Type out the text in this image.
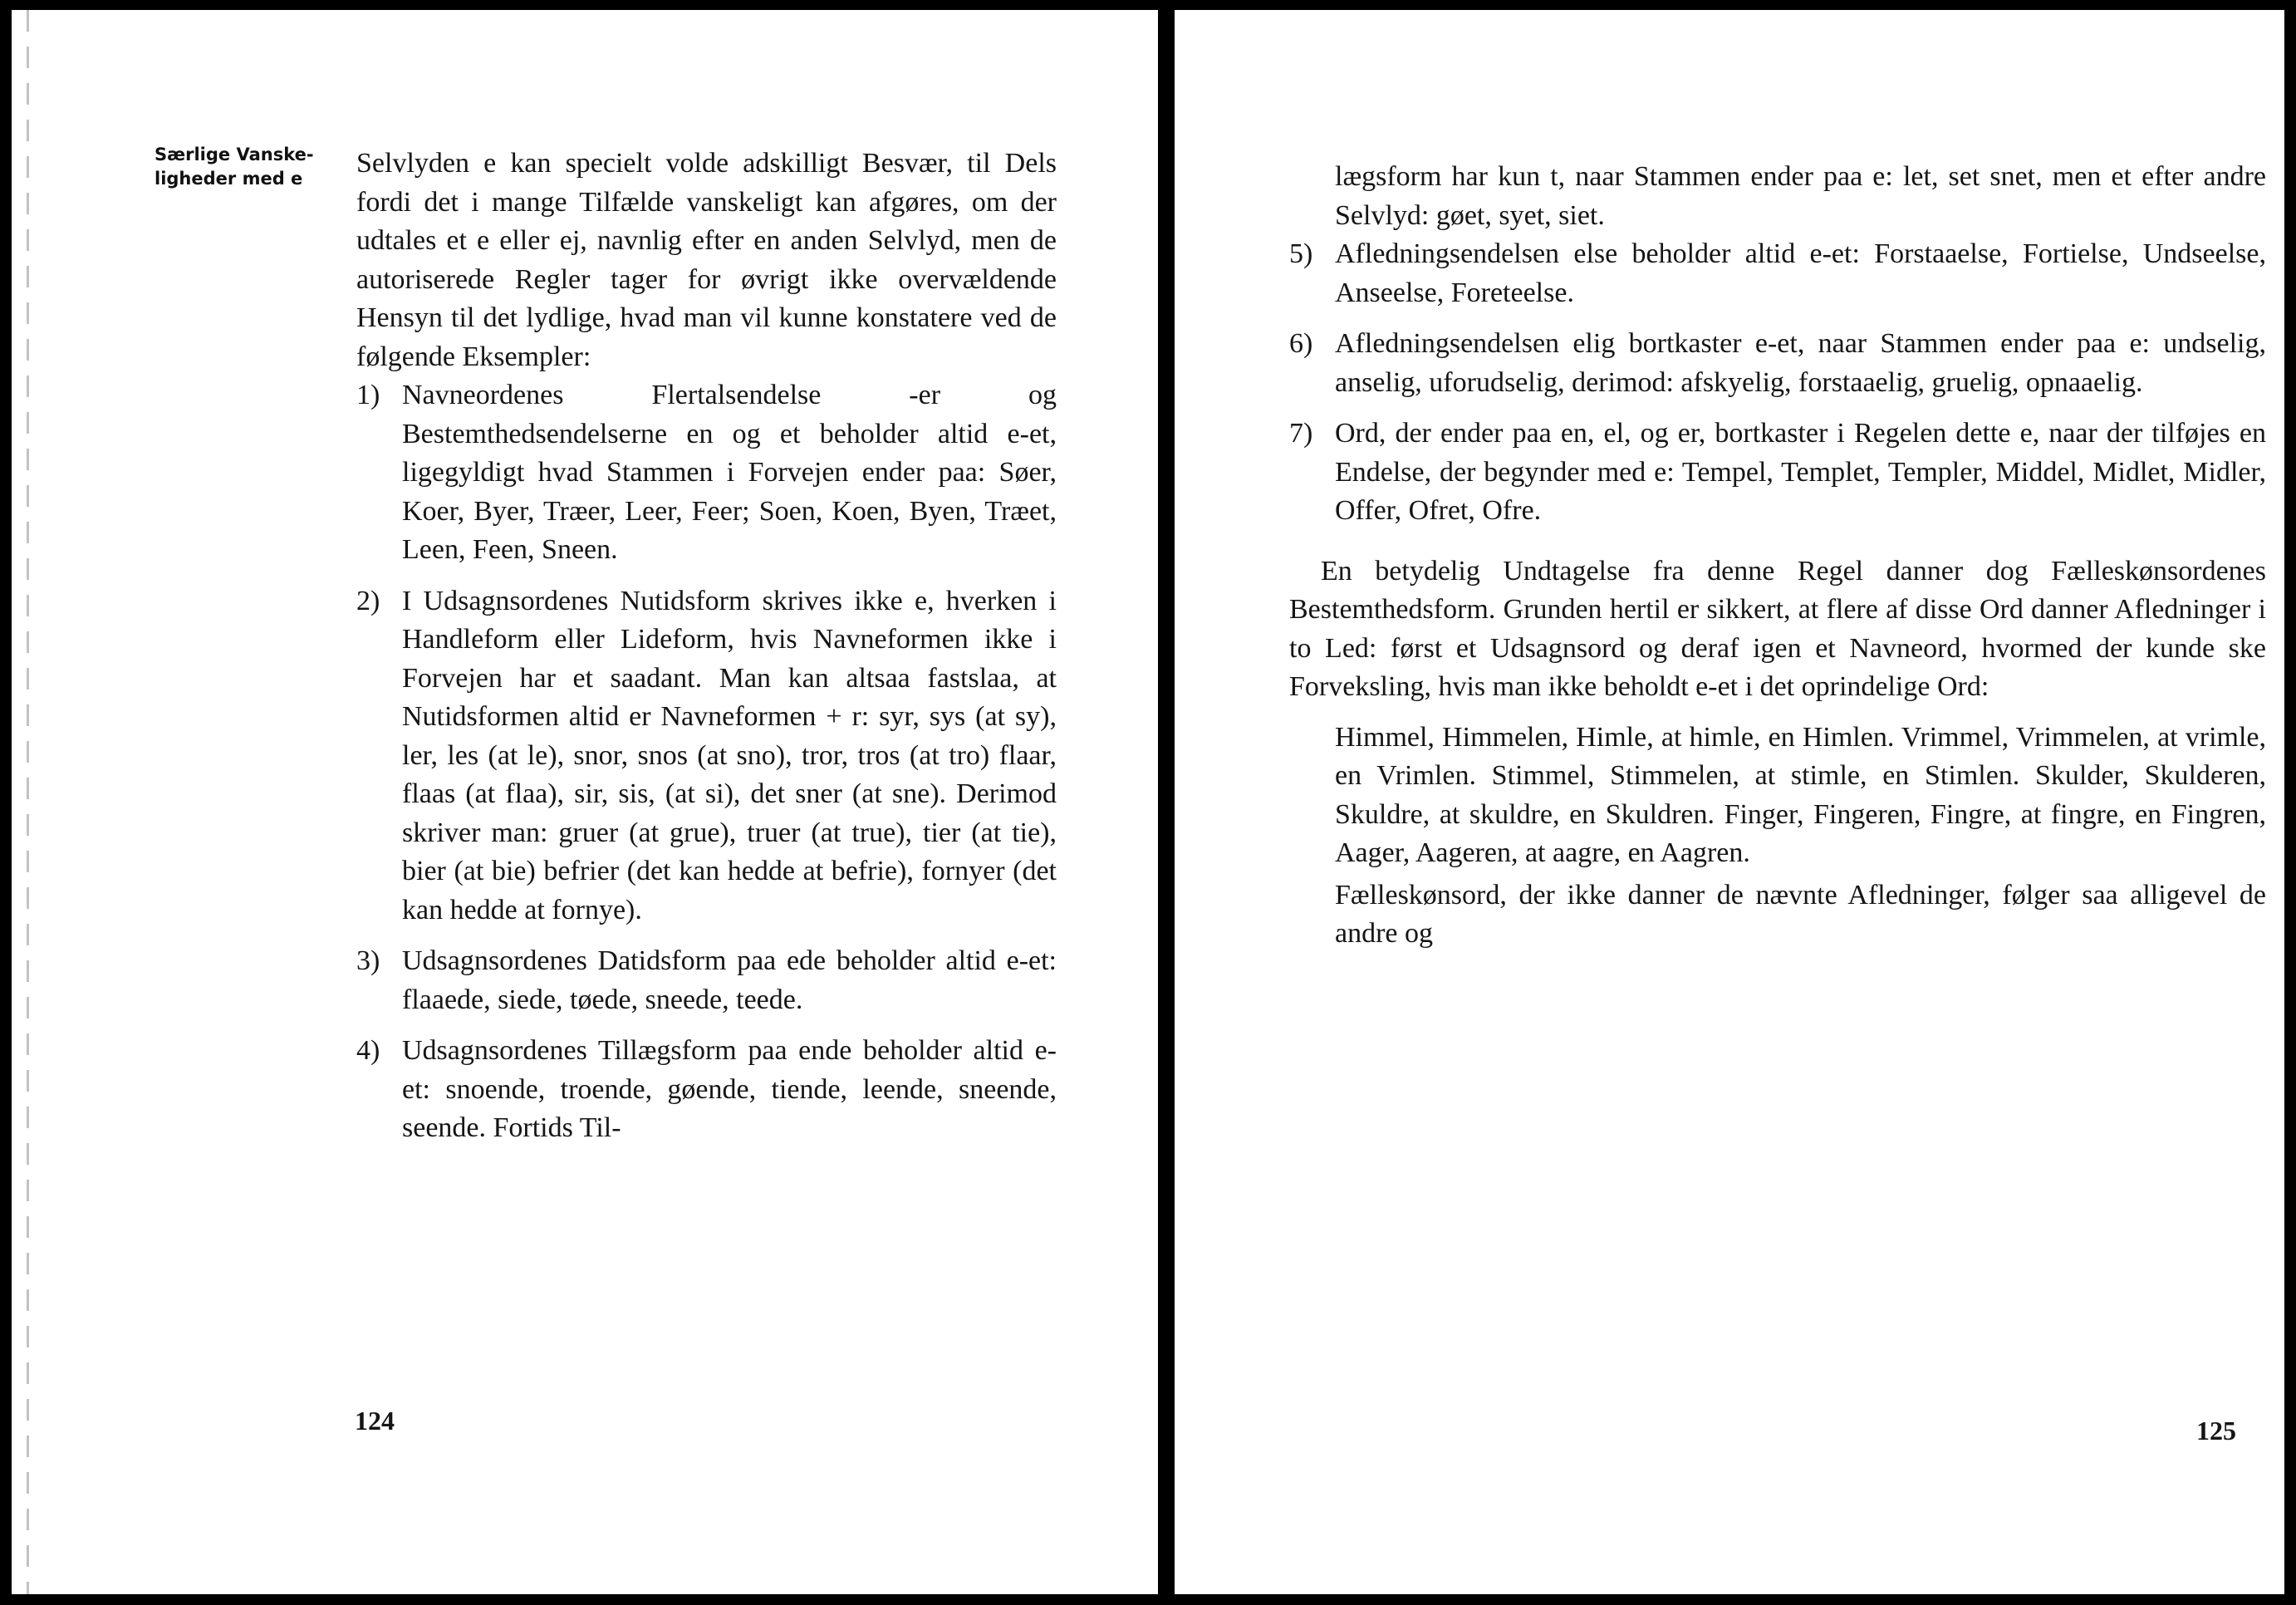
Særlige Vanske-
ligheder med e	Selvlyden e kan specielt volde adskilligt Besvær, til Dels fordi det i mange Tilfælde vanskeligt kan afgøres, om der udtales et e eller ej, navnlig efter en anden Selvlyd, men de autoriserede Regler tager for øvrigt ikke overvældende Hensyn til det lydlige, hvad man vil kunne konstatere ved de følgende Eksempler:

1) Navneordenes Flertalsendelse -er og Bestemthedsendelserne en og et beholder altid e-et, ligegyldigt hvad Stammen i Forvejen ender paa: Søer, Koer, Byer, Træer, Leer, Feer; Soen, Koen, Byen, Træet, Leen, Feen, Sneen.
2) I Udsagnsordenes Nutidsform skrives ikke e, hverken i Handleform eller Lideform, hvis Navneformen ikke i Forvejen har et saadant. Man kan altsaa fastslaa, at Nutidsformen altid er Navneformen + r: syr, sys (at sy), ler, les (at le), snor, snos (at sno), tror, tros (at tro) flaar, flaas (at flaa), sir, sis, (at si), det sner (at sne). Derimod skriver man: gruer (at grue), truer (at true), tier (at tie), bier (at bie) befrier (det kan hedde at befrie), fornyer (det kan hedde at fornye).
3) Udsagnsordenes Datidsform paa ede beholder altid e-et: flaaede, siede, tøede, sneede, teede.
4) Udsagnsordenes Tillægsform paa ende beholder altid e-et: snoende, troende, gøende, tiende, leende, sneende, seende. Fortids Til-
124

lægsform har kun t, naar Stammen ender paa e: let, set snet, men et efter andre Selvlyd: gøet, syet, siet.

5) Afledningsendelsen else beholder altid e-et: Forstaaelse, Fortielse, Undseelse, Anseelse, Foreteelse.
6) Afledningsendelsen elig bortkaster e-et, naar Stammen ender paa e: undselig, anselig, uforudselig, derimod: afskyelig, forstaaelig, gruelig, opnaaelig.
7) Ord, der ender paa en, el, og er, bortkaster i Regelen dette e, naar der tilføjes en Endelse, der begynder med e: Tempel, Templet, Templer, Middel, Midlet, Midler, Offer, Ofret, Ofre.

En betydelig Undtagelse fra denne Regel danner dog Fælleskønsordenes Bestemthedsform. Grunden hertil er sikkert, at flere af disse Ord danner Afledninger i to Led: først et Udsagnsord og deraf igen et Navneord, hvormed der kunde ske Forveksling, hvis man ikke beholdt e-et i det oprindelige Ord:

Himmel, Himmelen, Himle, at himle, en Himlen. Vrimmel, Vrimmelen, at vrimle, en Vrimlen. Stimmel, Stimmelen, at stimle, en Stimlen. Skulder, Skulderen, Skuldre, at skuldre, en Skuldren. Finger, Fingeren, Fingre, at fingre, en Fingren, Aager, Aageren, at aagre, en Aagren.

Fælleskønsord, der ikke danner de nævnte Afledninger, følger saa alligevel de andre og

125
